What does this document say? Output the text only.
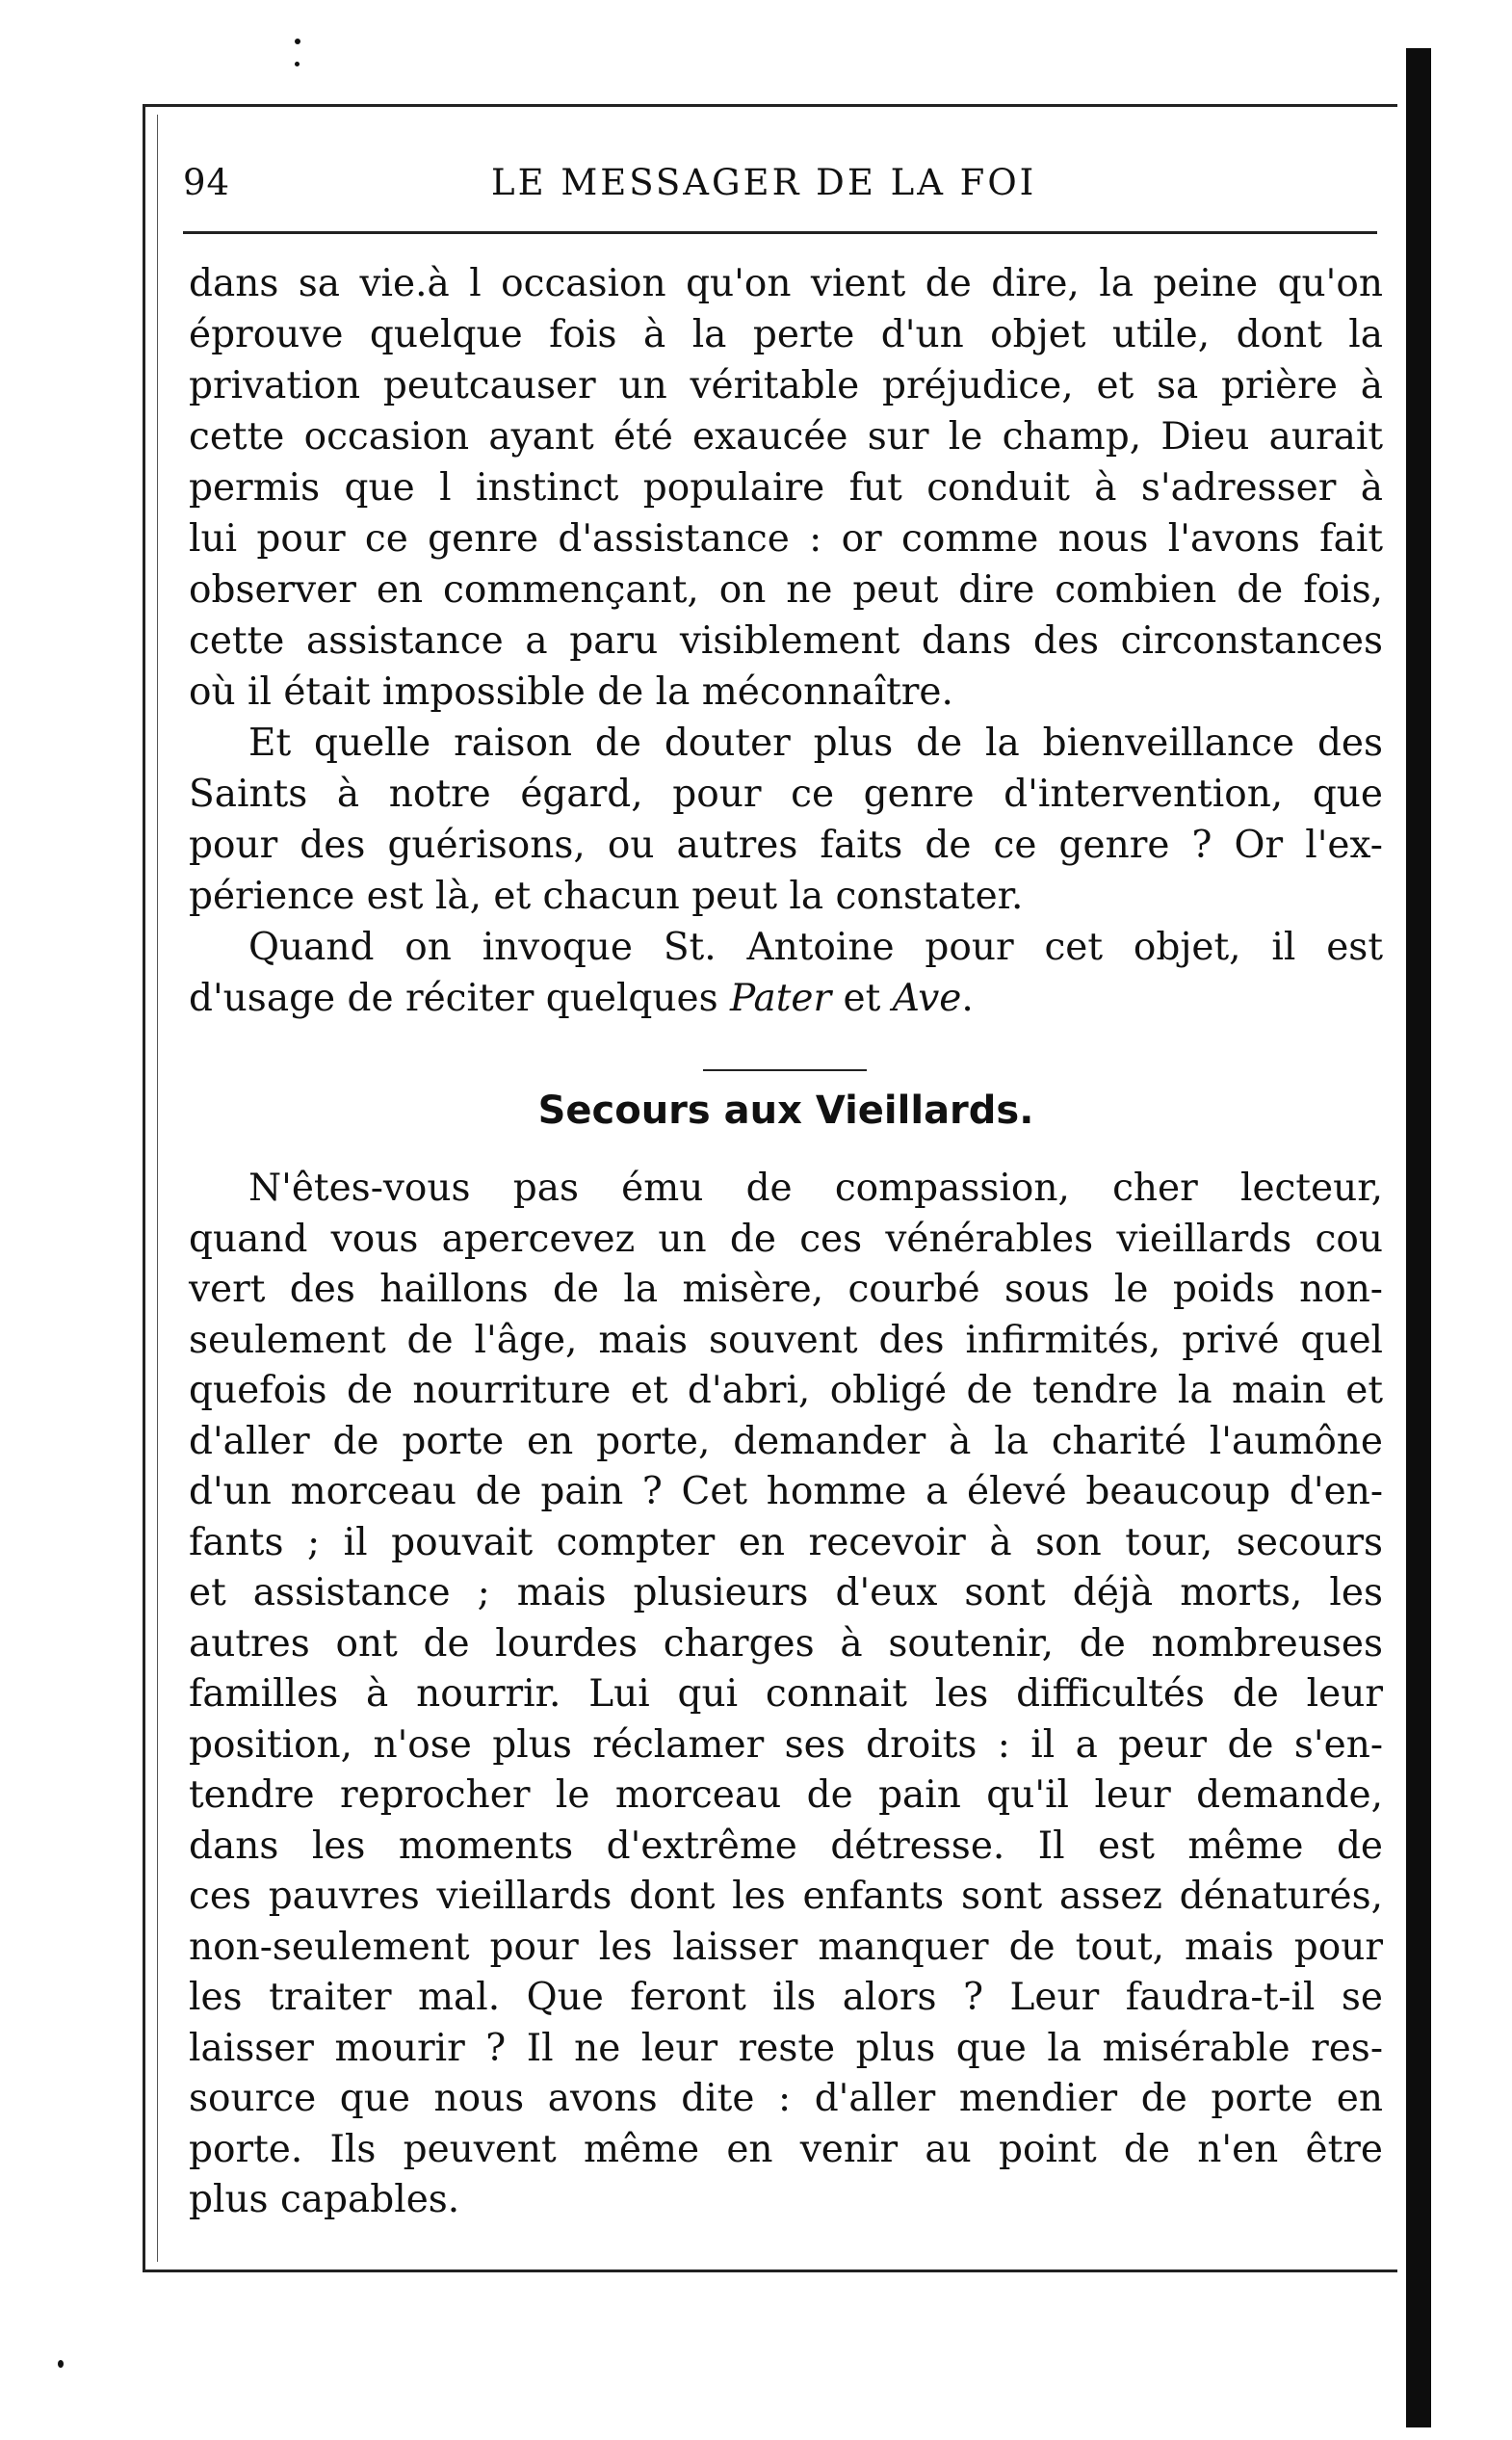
94	LE MESSAGER DE LA FOI
dans sa vie.à l occasion qu'on vient de dire, la peine qu'on
éprouve quelque fois à la perte d'un objet utile, dont la
privation peutcauser un véritable préjudice, et sa prière à
cette occasion ayant été exaucée sur le champ, Dieu aurait
permis que l instinct populaire fut conduit à s'adresser à
lui pour ce genre d'assistance : or comme nous l'avons fait
observer en commençant, on ne peut dire combien de fois,
cette assistance a paru visiblement dans des circonstances
où il était impossible de la méconnaître.
Et quelle raison de douter plus de la bienveillance des
Saints à notre égard, pour ce genre d'intervention, que
pour des guérisons, ou autres faits de ce genre ? Or l'ex-
périence est là, et chacun peut la constater.
Quand on invoque St. Antoine pour cet objet, il est
d'usage de réciter quelques Pater et Ave.
Secours aux Vieillards.
N'êtes-vous pas ému de compassion, cher lecteur,
quand vous apercevez un de ces vénérables vieillards cou
vert des haillons de la misère, courbé sous le poids non-
seulement de l'âge, mais souvent des infirmités, privé quel
quefois de nourriture et d'abri, obligé de tendre la main et
d'aller de porte en porte, demander à la charité l'aumône
d'un morceau de pain ? Cet homme a élevé beaucoup d'en-
fants ; il pouvait compter en recevoir à son tour, secours
et assistance ; mais plusieurs d'eux sont déjà morts, les
autres ont de lourdes charges à soutenir, de nombreuses
familles à nourrir. Lui qui connait les difficultés de leur
position, n'ose plus réclamer ses droits : il a peur de s'en-
tendre reprocher le morceau de pain qu'il leur demande,
dans les moments d'extrême détresse. Il est même de
ces pauvres vieillards dont les enfants sont assez dénaturés,
non-seulement pour les laisser manquer de tout, mais pour
les traiter mal. Que feront ils alors ? Leur faudra-t-il se
laisser mourir ? Il ne leur reste plus que la misérable res-
source que nous avons dite : d'aller mendier de porte en
porte. Ils peuvent même en venir au point de n'en être
plus capables.
